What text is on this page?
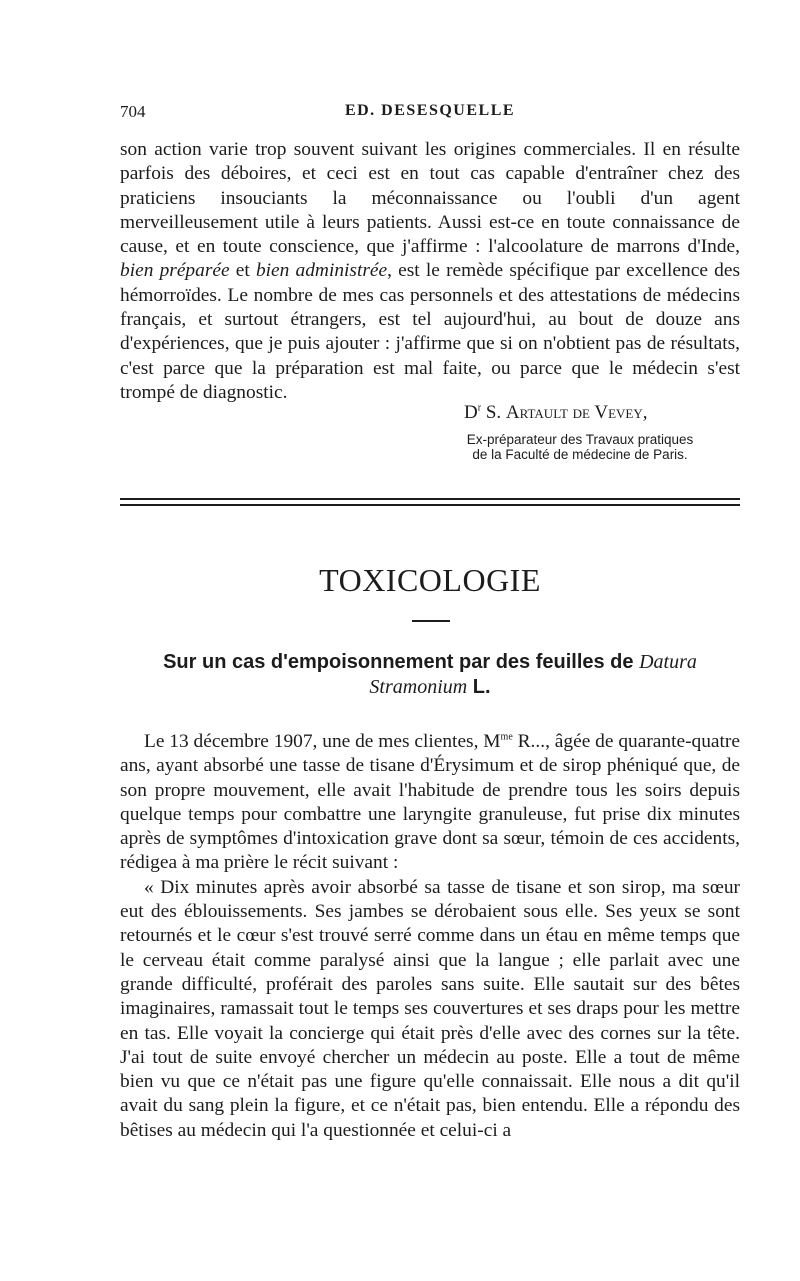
704	ED. DESESQUELLE

son action varie trop souvent suivant les origines commerciales. Il en résulte parfois des déboires, et ceci est en tout cas capable d'entraîner chez des praticiens insouciants la méconnaissance ou l'oubli d'un agent merveilleusement utile à leurs patients. Aussi est-ce en toute connaissance de cause, et en toute conscience, que j'affirme : l'alcoolature de marrons d'Inde, bien préparée et bien administrée, est le remède spécifique par excellence des hémorroïdes. Le nombre de mes cas personnels et des attestations de médecins français, et surtout étrangers, est tel aujourd'hui, au bout de douze ans d'expériences, que je puis ajouter : j'affirme que si on n'obtient pas de résultats, c'est parce que la préparation est mal faite, ou parce que le médecin s'est trompé de diagnostic.

$D^r$ S. Artault de Vevey,
Ex-préparateur des Travaux pratiques
de la Faculté de médecine de Paris.
TOXICOLOGIE
Sur un cas d'empoisonnement par des feuilles de Datura
Stramonium L.

Le 13 décembre 1907, une de mes clientes, $M^{me}$ R..., âgée de quarante-quatre ans, ayant absorbé une tasse de tisane d'Érysimum et de sirop phéniqué que, de son propre mouvement, elle avait l'habitude de prendre tous les soirs depuis quelque temps pour combattre une laryngite granuleuse, fut prise dix minutes après de symptômes d'intoxication grave dont sa sœur, témoin de ces accidents, rédigea à ma prière le récit suivant :

« Dix minutes après avoir absorbé sa tasse de tisane et son sirop, ma sœur eut des éblouissements. Ses jambes se dérobaient sous elle. Ses yeux se sont retournés et le cœur s'est trouvé serré comme dans un étau en même temps que le cerveau était comme paralysé ainsi que la langue ; elle parlait avec une grande difficulté, proférait des paroles sans suite. Elle sautait sur des bêtes imaginaires, ramassait tout le temps ses couvertures et ses draps pour les mettre en tas. Elle voyait la concierge qui était près d'elle avec des cornes sur la tête. J'ai tout de suite envoyé chercher un médecin au poste. Elle a tout de même bien vu que ce n'était pas une figure qu'elle connaissait. Elle nous a dit qu'il avait du sang plein la figure, et ce n'était pas, bien entendu. Elle a répondu des bêtises au médecin qui l'a questionnée et celui-ci a
